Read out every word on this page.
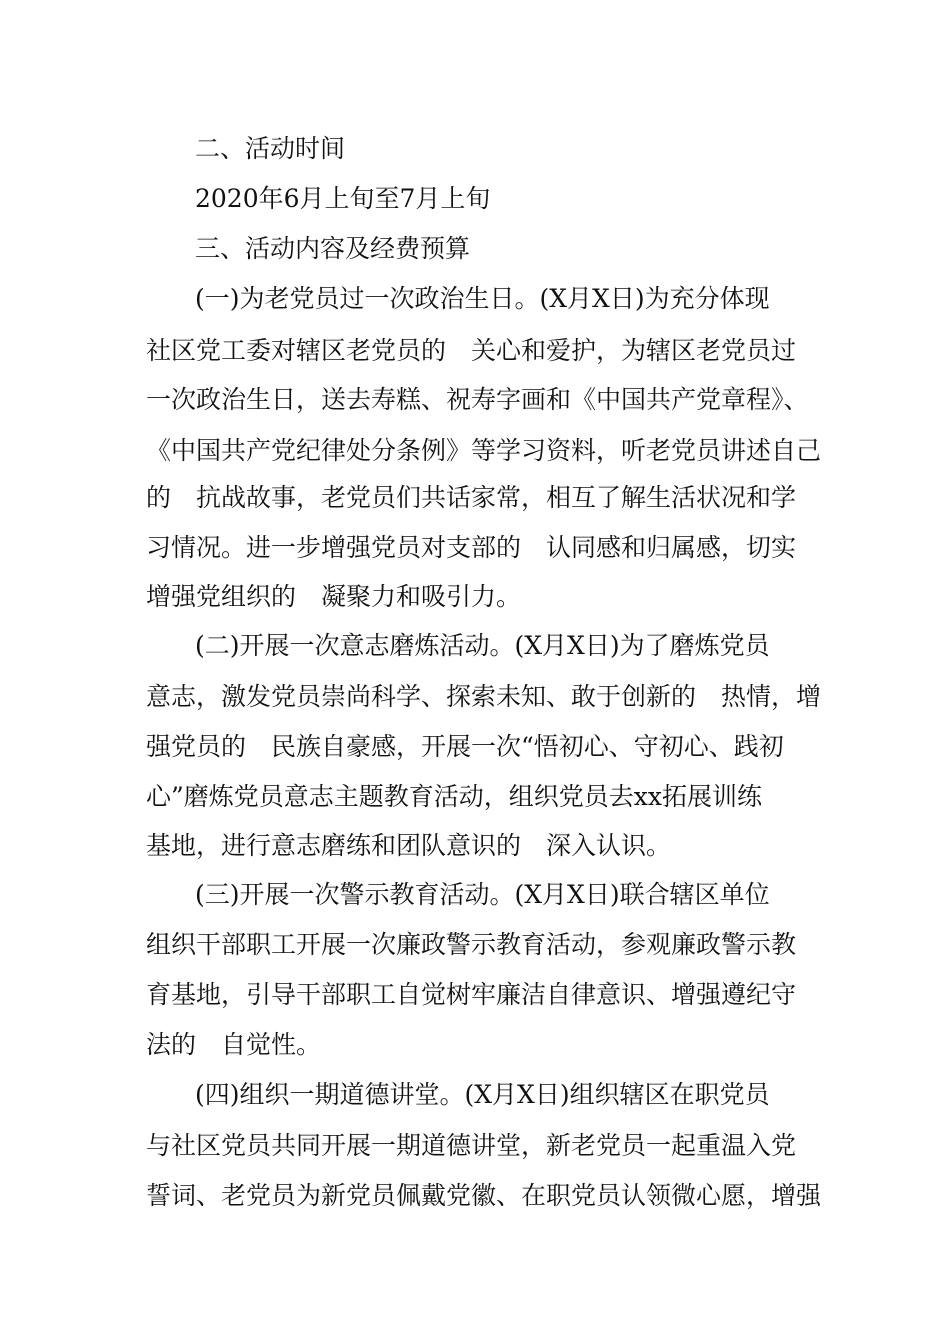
二、活动时间

2020年6月上旬至7月上旬

三、活动内容及经费预算

(一)为老党员过一次政治生日。(X月X日)为充分体现

社区党工委对辖区老党员的　关心和爱护，为辖区老党员过

一次政治生日，送去寿糕、祝寿字画和《中国共产党章程》、

《中国共产党纪律处分条例》等学习资料，听老党员讲述自己

的　抗战故事，老党员们共话家常，相互了解生活状况和学

习情况。进一步增强党员对支部的　认同感和归属感，切实

增强党组织的　凝聚力和吸引力。

(二)开展一次意志磨炼活动。(X月X日)为了磨炼党员

意志，激发党员崇尚科学、探索未知、敢于创新的　热情，增

强党员的　民族自豪感，开展一次“悟初心、守初心、践初

心”磨炼党员意志主题教育活动，组织党员去xx拓展训练

基地，进行意志磨练和团队意识的　深入认识。

(三)开展一次警示教育活动。(X月X日)联合辖区单位

组织干部职工开展一次廉政警示教育活动，参观廉政警示教

育基地，引导干部职工自觉树牢廉洁自律意识、增强遵纪守

法的　自觉性。

(四)组织一期道德讲堂。(X月X日)组织辖区在职党员

与社区党员共同开展一期道德讲堂，新老党员一起重温入党

誓词、老党员为新党员佩戴党徽、在职党员认领微心愿，增强
